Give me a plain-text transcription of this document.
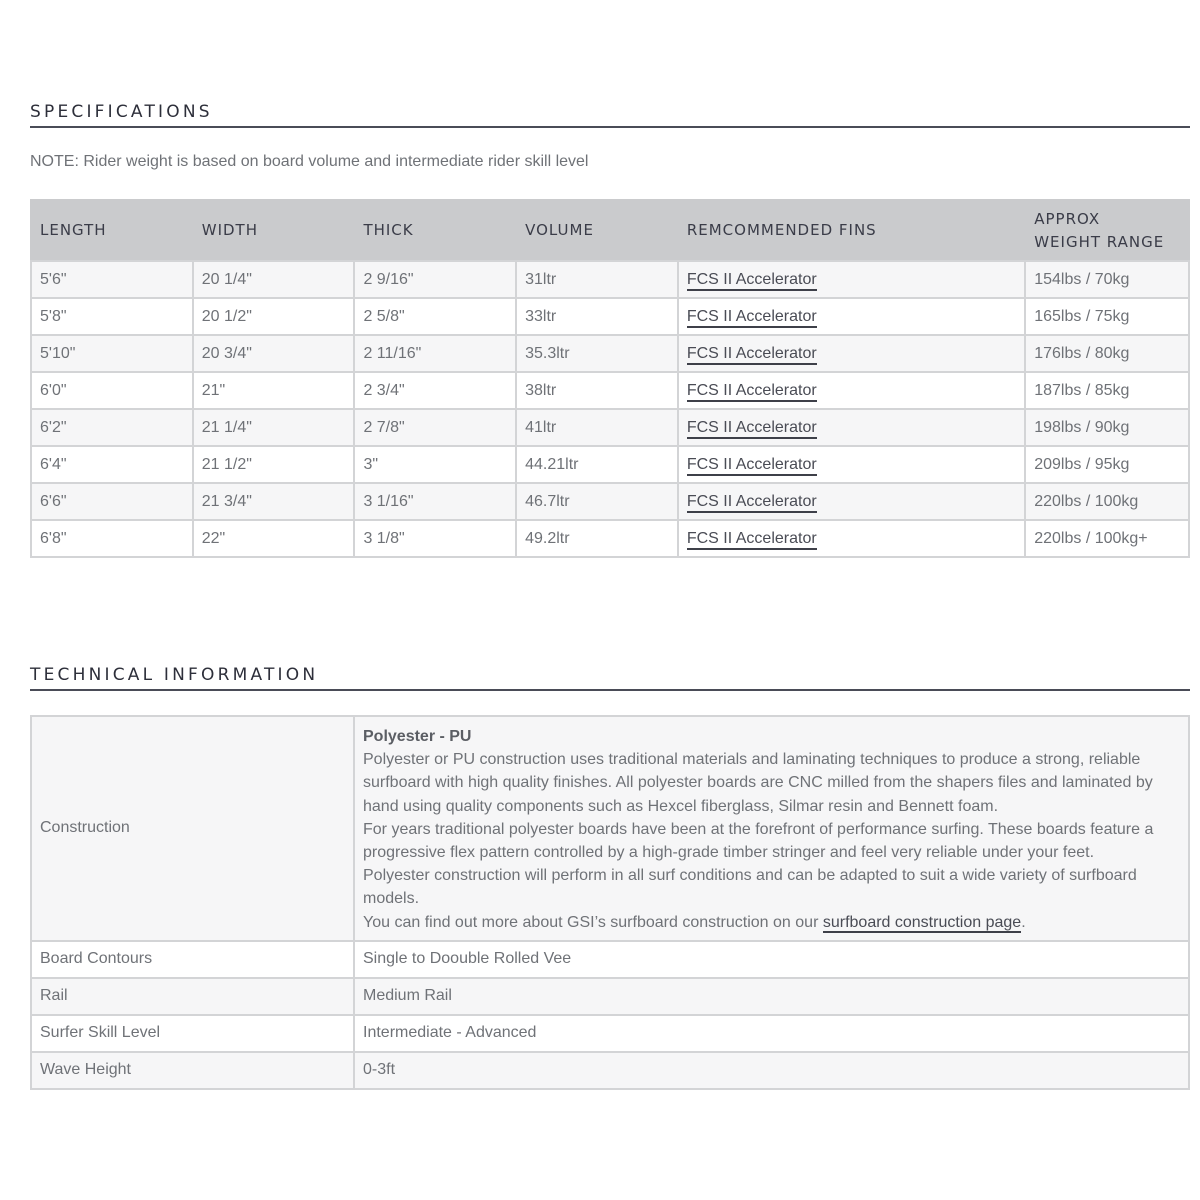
SPECIFICATIONS
NOTE: Rider weight is based on board volume and intermediate rider skill level
LENGTH	WIDTH	THICK	VOLUME	REMCOMMENDED FINS	APPROX
WEIGHT RANGE
5'6"	20 1/4"	2 9/16"	31ltr	FCS II Accelerator	154lbs / 70kg
5'8"	20 1/2"	2 5/8"	33ltr	FCS II Accelerator	165lbs / 75kg
5'10"	20 3/4"	2 11/16"	35.3ltr	FCS II Accelerator	176lbs / 80kg
6'0"	21"	2 3/4"	38ltr	FCS II Accelerator	187lbs / 85kg
6'2"	21 1/4"	2 7/8"	41ltr	FCS II Accelerator	198lbs / 90kg
6'4"	21 1/2"	3"	44.21ltr	FCS II Accelerator	209lbs / 95kg
6'6"	21 3/4"	3 1/16"	46.7ltr	FCS II Accelerator	220lbs / 100kg
6'8"	22"	3 1/8"	49.2ltr	FCS II Accelerator	220lbs / 100kg+
TECHNICAL INFORMATION
Construction	Polyester - PU
Polyester or PU construction uses traditional materials and laminating techniques to produce a strong, reliable surfboard with high quality finishes. All polyester boards are CNC milled from the shapers files and laminated by hand using quality components such as Hexcel fiberglass, Silmar resin and Bennett foam.
For years traditional polyester boards have been at the forefront of performance surfing. These boards feature a progressive flex pattern controlled by a high-grade timber stringer and feel very reliable under your feet.
Polyester construction will perform in all surf conditions and can be adapted to suit a wide variety of surfboard models.
You can find out more about GSI’s surfboard construction on our surfboard construction page.

Board Contours	Single to Doouble Rolled Vee
Rail	Medium Rail
Surfer Skill Level	Intermediate - Advanced
Wave Height	0-3ft
